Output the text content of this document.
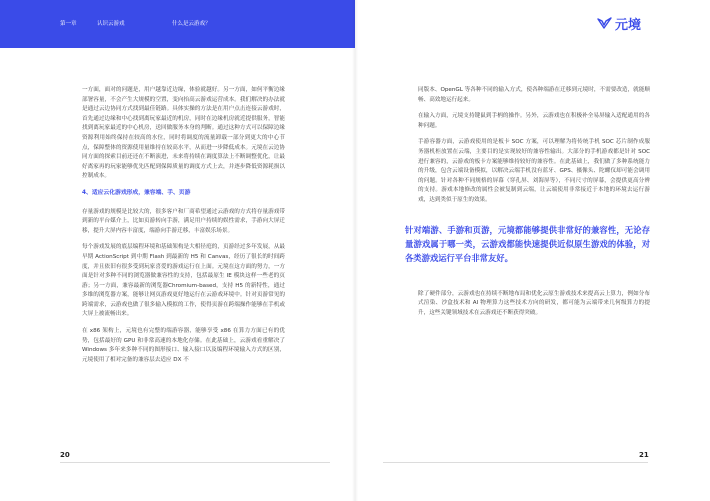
第一章	认识云游戏	什么是云游戏？

一方面，面对的问题是，用户越靠近边缘，体验就越好。另一方面，如何平衡边缘部署容量，不会产生大规模的空置，变向抬高云游戏运营成本。我们解决的办法就是通过云边协同方式找到最佳链路。具体实操的方法是在用户点击连接云游戏时，首先通过边缘和中心找到离玩家最近的机房，同时在边缘机房就近提供服务，智能找到离玩家最近的中心机房，送回做服务本身的判断。通过这种方式可以保障边缘资源利用始终保持在较高的水位，同时将调度的流量卸载一部分到更大的中心节点，保障整体的资源使用量维持在较高水平，从而进一步降低成本。元境在云边协同方面的探索目前还还在不断演进，未来将持续在调度算法上不断调整优化，让最好离家再的玩家能够优先匹配到保障质量的调度方式上去，并逐步降低资源耗损以控制成本。

4、适应云化游戏形成，兼容端、手、页游

存量游戏的规模是比较大的，很多客户和厂商希望通过云游戏的方式将存量游戏带到新的平台媒介上，比如页游转向手游，满足用户持续的娱性需求，手游向大屏迁移，提升大屏内容丰富度，端游向手游迁移，丰富娱乐场景。

每个游戏发展的底层编程环境和基础架构是大相径庭的，页游经过多年发展，从最早期 ActionScript 到中期 Flash 到最新的 H5 和 Canvas，经历了很长的时间跨度，并且依旧有很多受到玩家喜爱的游戏运行在上面。元境在这方面的努力，一方面是针对多种不同的浏览器做兼容性的支持，包括最原生 IE 模块这样一些老的页游；另一方面，兼容最新的浏览器Chromium-based，支持 H5 的新特性，通过多维的浏览器方案，能够让网页游戏更好地运行在云游戏环境中。针对页游常见的跨端需求，云游戏也做了很多输入模拟的工作，使得页游在跨端操作能够在手机或大屏上被流畅出来。

在 x86 架构上，元境也有完整的端游容器，能够享受 x86 在算力方面已有的优势，包括最好的 GPU 和非常高速的本地化存储。在此基础上，云游戏看重解决了 Windows 多年来多种不同的图形接口、输入接口以及编程环境输入方式的区别，元境使用了相对完备的兼容层去适应 DX 不

20
元境

同版本、OpenGL 等各种不同的输入方式，使各种端游在迁移到元境时，不需要改造，就能顺畅、高效地运行起来。

在输入方面，元境支持键鼠到手柄的操作。另外，云游戏也在积极补全易屏输入适配通用的各种问题。

手游容器方面，云游戏使用的是板卡 SOC 方案，可以理解为将传统手机 SOC 芯片制作成服务器机柜放置在云端，主要目的是实现较好的兼容性输出。大部分的手机游戏都是针对 SOC 进行兼容的，云游戏的板卡方案能够维持较好的兼容性。在此基础上，我们做了多种系统能力的升级，包含云端设备模拟，以解决云端手机没有蓝牙、GPS、摄像头、陀螺仪却可能会调用的问题。针对各种不同规格的屏幕（穿孔屏、刘海屏等），不同尺寸的屏幕，会提供更高分辨的支持。游戏本地修改的属性会被复制到云端，让云端使用非常接近于本地的环境去运行游戏，达到类似于原生的效果。

针对端游、手游和页游，元境都能够提供非常好的兼容性，无论存量游戏属于哪一类，云游戏都能快速提供近似原生游戏的体验，对各类游戏运行平台非常友好。

除了硬件部分，云游戏也在持续不断地布局和优化云原生游戏技术来提高云上算力，例如分布式渲染、沙盒技术和 AI 物理算力这些技术方向的研发，都可能为云端带来几何级算力的提升，这些关键领域技术在云游戏还不断获得突破。

21
